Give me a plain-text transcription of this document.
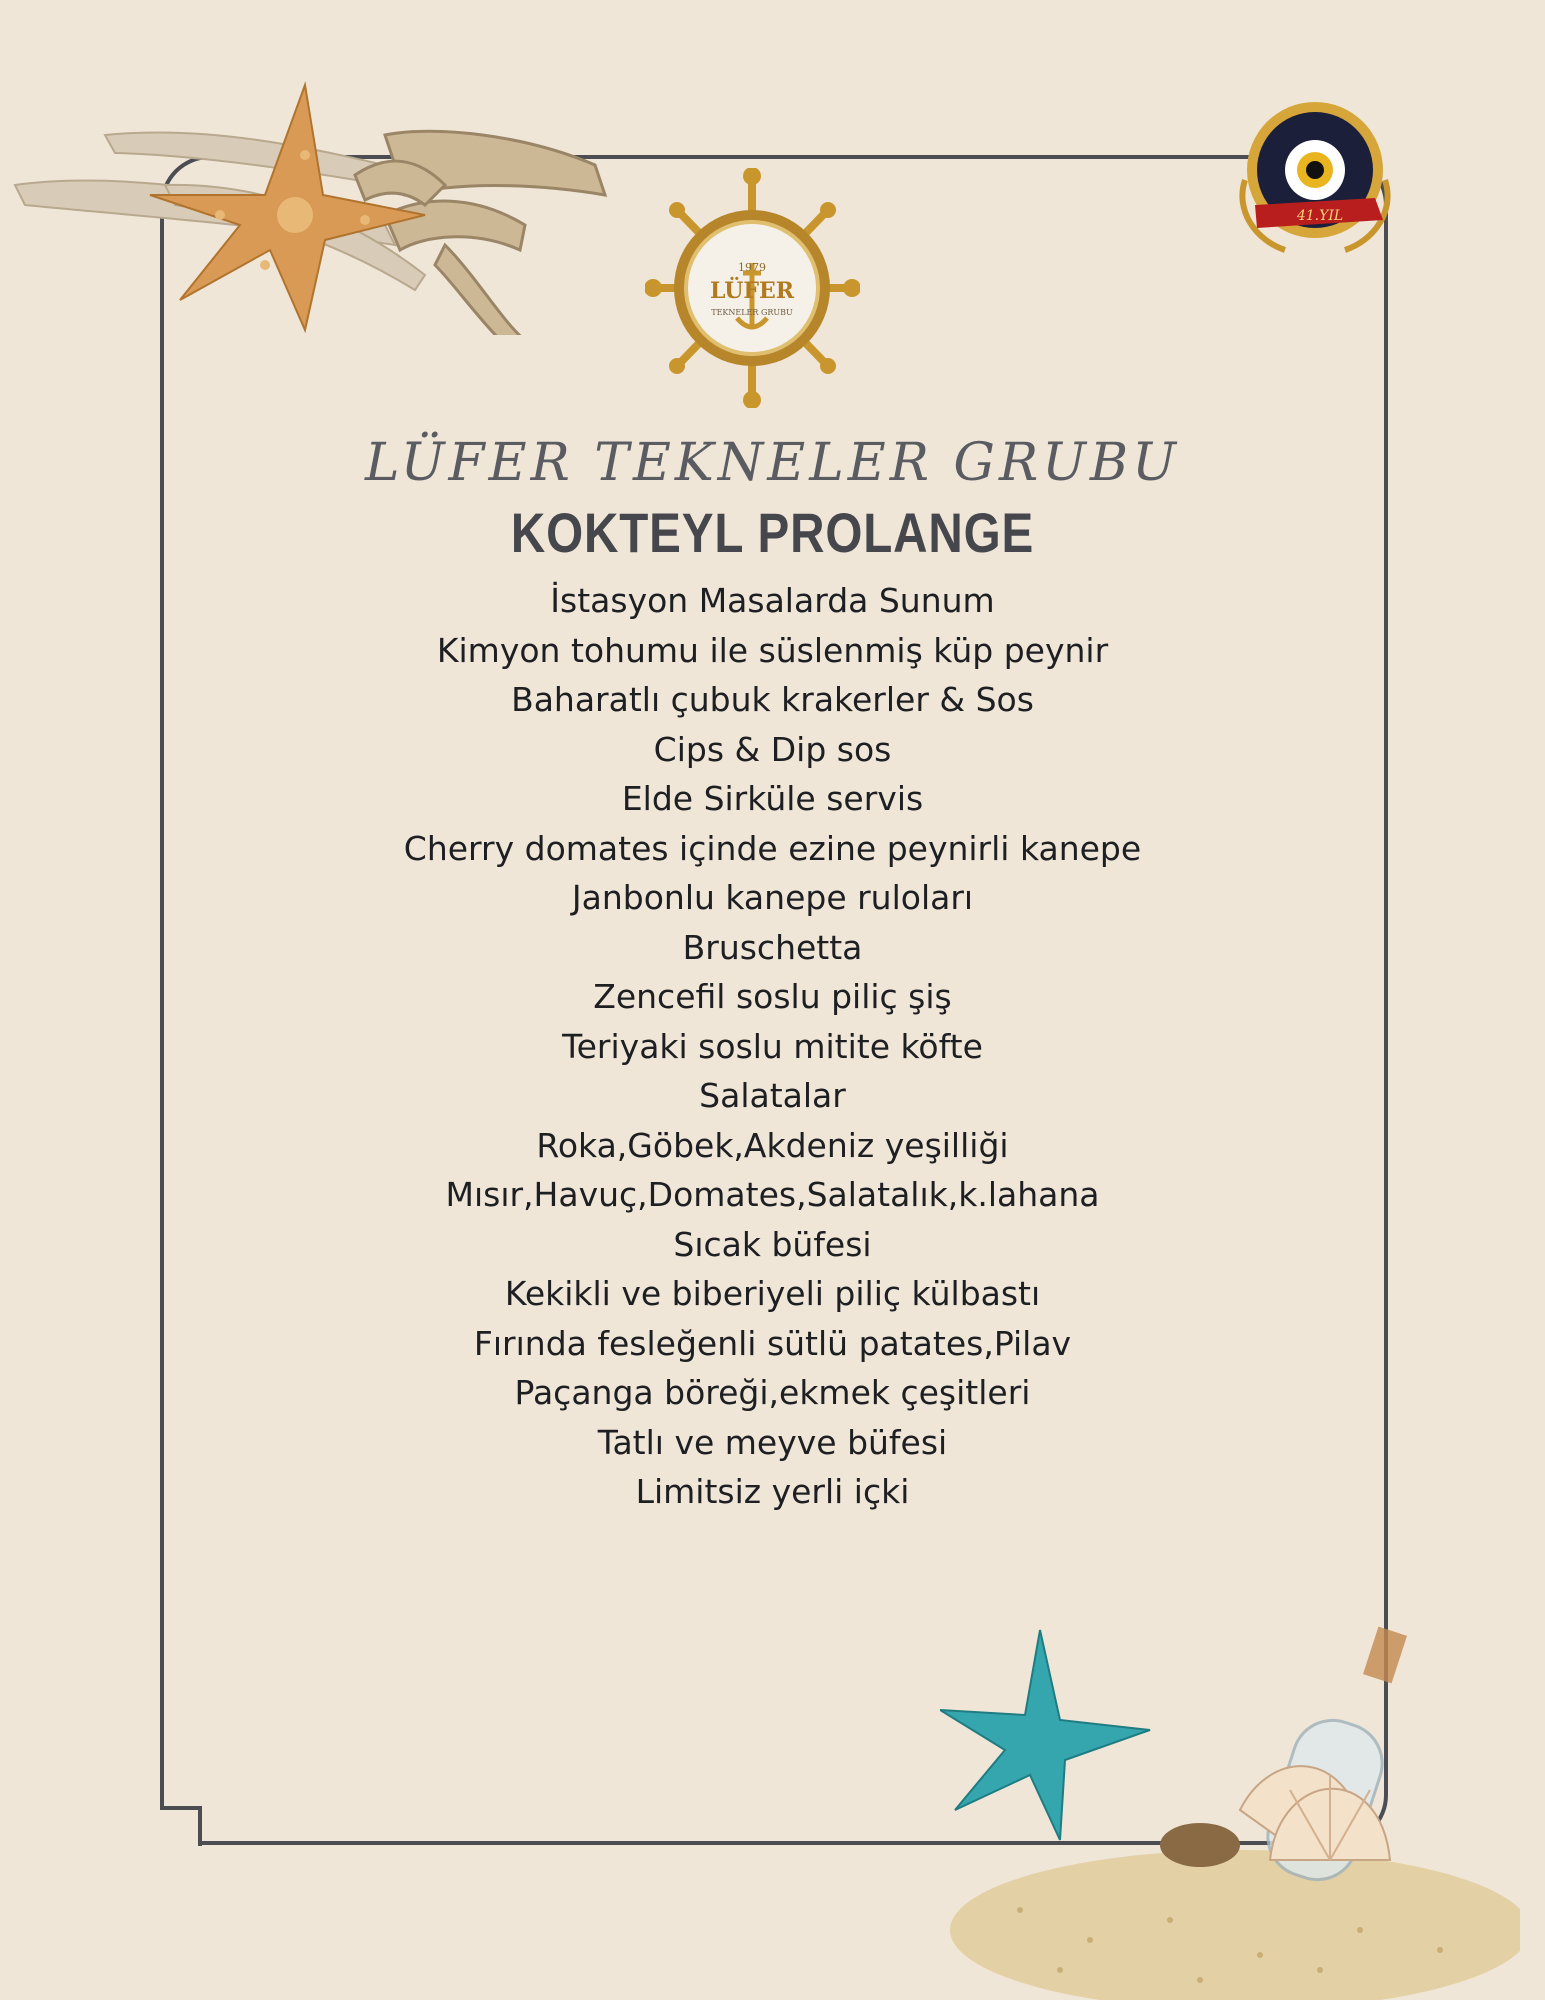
1979
LÜFER
TEKNELER GRUBU
41.YIL
LÜFER TEKNELER GRUBU
KOKTEYL PROLANGE
İstasyon Masalarda Sunum
Kimyon tohumu ile süslenmiş küp peynir
Baharatlı çubuk krakerler & Sos
Cips & Dip sos
Elde Sirküle servis
Cherry domates içinde ezine peynirli kanepe
Janbonlu kanepe ruloları
Bruschetta
Zencefil soslu piliç şiş
Teriyaki soslu mitite köfte
Salatalar
Roka,Göbek,Akdeniz yeşilliği
Mısır,Havuç,Domates,Salatalık,k.lahana
Sıcak büfesi
Kekikli ve biberiyeli piliç külbastı
Fırında fesleğenli sütlü patates,Pilav
Paçanga böreği,ekmek çeşitleri
Tatlı ve meyve büfesi
Limitsiz yerli içki
